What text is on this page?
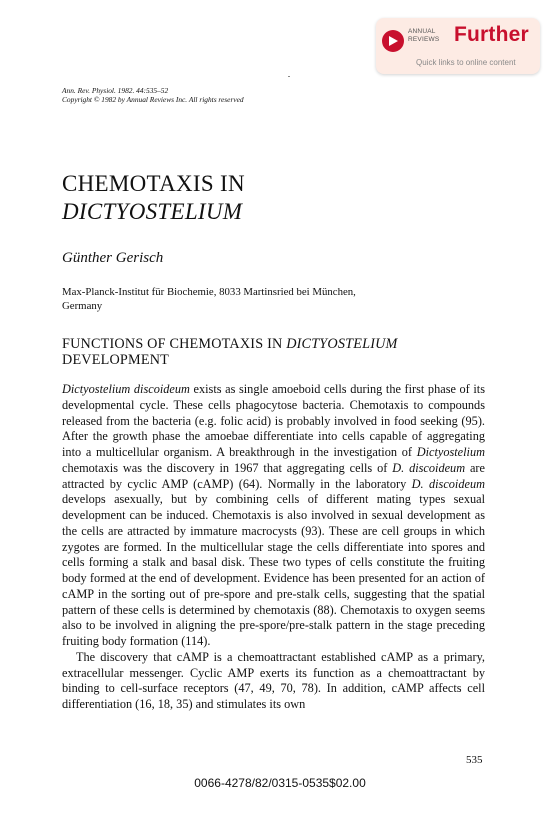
ANNUAL
REVIEWS Further
Quick links to online content
Ann. Rev. Physiol. 1982. 44:535–52
Copyright © 1982 by Annual Reviews Inc. All rights reserved
CHEMOTAXIS IN
DICTYOSTELIUM
Günther Gerisch
Max-Planck-Institut für Biochemie, 8033 Martinsried bei München,
Germany
FUNCTIONS OF CHEMOTAXIS IN DICTYOSTELIUM
DEVELOPMENT

Dictyostelium discoideum exists as single amoeboid cells during the first phase of its developmental cycle. These cells phagocytose bacteria. Chemotaxis to compounds released from the bacteria (e.g. folic acid) is probably involved in food seeking (95). After the growth phase the amoebae differentiate into cells capable of aggregating into a multicellular organism. A breakthrough in the investigation of Dictyostelium chemotaxis was the discovery in 1967 that aggregating cells of D. discoideum are attracted by cyclic AMP (cAMP) (64). Normally in the laboratory D. discoideum develops asexually, but by combining cells of different mating types sexual development can be induced. Chemotaxis is also involved in sexual development as the cells are attracted by immature macrocysts (93). These are cell groups in which zygotes are formed. In the multicellular stage the cells differentiate into spores and cells forming a stalk and basal disk. These two types of cells constitute the fruiting body formed at the end of development. Evidence has been presented for an action of cAMP in the sorting out of pre-spore and pre-stalk cells, suggesting that the spatial pattern of these cells is determined by chemotaxis (88). Chemotaxis to oxygen seems also to be involved in aligning the pre-spore/pre-stalk pattern in the stage preceding fruiting body formation (114).

The discovery that cAMP is a chemoattractant established cAMP as a primary, extracellular messenger. Cyclic AMP exerts its function as a chemoattractant by binding to cell-surface receptors (47, 49, 70, 78). In addition, cAMP affects cell differentiation (16, 18, 35) and stimulates its own

535
0066-4278/82/0315-0535$02.00
